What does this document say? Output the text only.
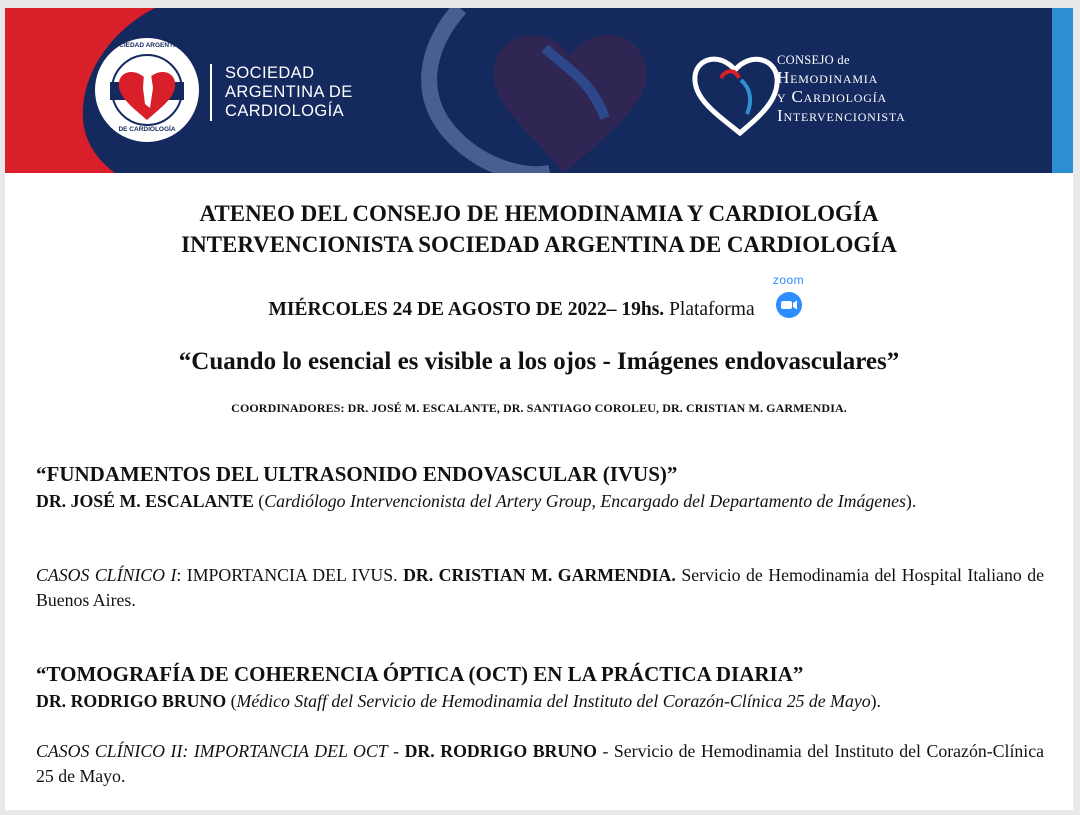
SOCIEDAD ARGENTINA
DE CARDIOLOGÍA
SOCIEDAD
ARGENTINA DE
CARDIOLOGÍA
CONSEJO de
Hemodinamia
y Cardiología
Intervencionista
ATENEO DEL CONSEJO DE HEMODINAMIA Y CARDIOLOGÍA
INTERVENCIONISTA SOCIEDAD ARGENTINA DE CARDIOLOGÍA
MIÉRCOLES 24 DE AGOSTO DE 2022– 19hs. Plataforma
zoom
“Cuando lo esencial es visible a los ojos - Imágenes endovasculares”
COORDINADORES: DR. JOSÉ M. ESCALANTE, DR. SANTIAGO COROLEU, DR. CRISTIAN M. GARMENDIA.
“FUNDAMENTOS DEL ULTRASONIDO ENDOVASCULAR (IVUS)”
DR. JOSÉ M. ESCALANTE (Cardiólogo Intervencionista del Artery Group, Encargado del Departamento de Imágenes).
CASOS CLÍNICO I: IMPORTANCIA DEL IVUS. DR. CRISTIAN M. GARMENDIA. Servicio de Hemodinamia del Hospital Italiano de Buenos Aires.
“TOMOGRAFÍA DE COHERENCIA ÓPTICA (OCT) EN LA PRÁCTICA DIARIA”
DR. RODRIGO BRUNO (Médico Staff del Servicio de Hemodinamia del Instituto del Corazón-Clínica 25 de Mayo).
CASOS CLÍNICO II: IMPORTANCIA DEL OCT - DR. RODRIGO BRUNO - Servicio de Hemodinamia del Instituto del Corazón-Clínica 25 de Mayo.
